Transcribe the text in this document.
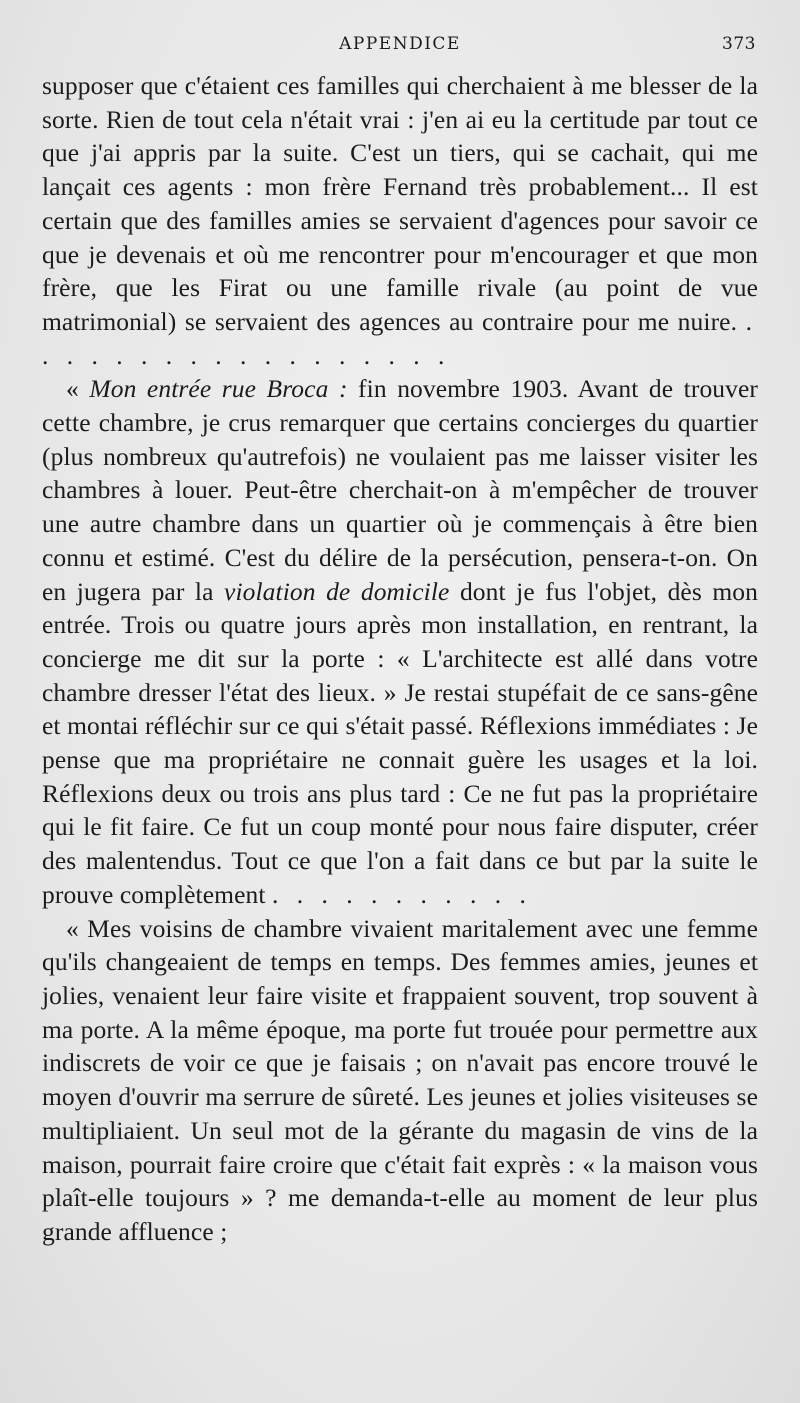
APPENDICE	373

supposer que c'étaient ces familles qui cherchaient à me blesser de la sorte. Rien de tout cela n'était vrai : j'en ai eu la certitude par tout ce que j'ai appris par la suite. C'est un tiers, qui se cachait, qui me lançait ces agents : mon frère Fernand très probablement... Il est certain que des familles amies se servaient d'agences pour savoir ce que je devenais et où me rencontrer pour m'encourager et que mon frère, que les Firat ou une famille rivale (au point de vue matrimonial) se servaient des agences au contraire pour me nuire. . . . . . . . . . . . . . . . . . .

« Mon entrée rue Broca : fin novembre 1903. Avant de trouver cette chambre, je crus remarquer que certains concierges du quartier (plus nombreux qu'autrefois) ne voulaient pas me laisser visiter les chambres à louer. Peut-être cherchait-on à m'empêcher de trouver une autre chambre dans un quartier où je commençais à être bien connu et estimé. C'est du délire de la persécution, pensera-t-on. On en jugera par la violation de domicile dont je fus l'objet, dès mon entrée. Trois ou quatre jours après mon installation, en rentrant, la concierge me dit sur la porte : « L'architecte est allé dans votre chambre dresser l'état des lieux. » Je restai stupéfait de ce sans-gêne et montai réfléchir sur ce qui s'était passé. Réflexions immédiates : Je pense que ma propriétaire ne connait guère les usages et la loi. Réflexions deux ou trois ans plus tard : Ce ne fut pas la propriétaire qui le fit faire. Ce fut un coup monté pour nous faire disputer, créer des malentendus. Tout ce que l'on a fait dans ce but par la suite le prouve complètement . . . . . . . . . . .

« Mes voisins de chambre vivaient maritalement avec une femme qu'ils changeaient de temps en temps. Des femmes amies, jeunes et jolies, venaient leur faire visite et frappaient souvent, trop souvent à ma porte. A la même époque, ma porte fut trouée pour permettre aux indiscrets de voir ce que je faisais ; on n'avait pas encore trouvé le moyen d'ouvrir ma serrure de sûreté. Les jeunes et jolies visiteuses se multipliaient. Un seul mot de la gérante du magasin de vins de la maison, pourrait faire croire que c'était fait exprès : « la maison vous plaît-elle toujours » ? me demanda-t-elle au moment de leur plus grande affluence ;
